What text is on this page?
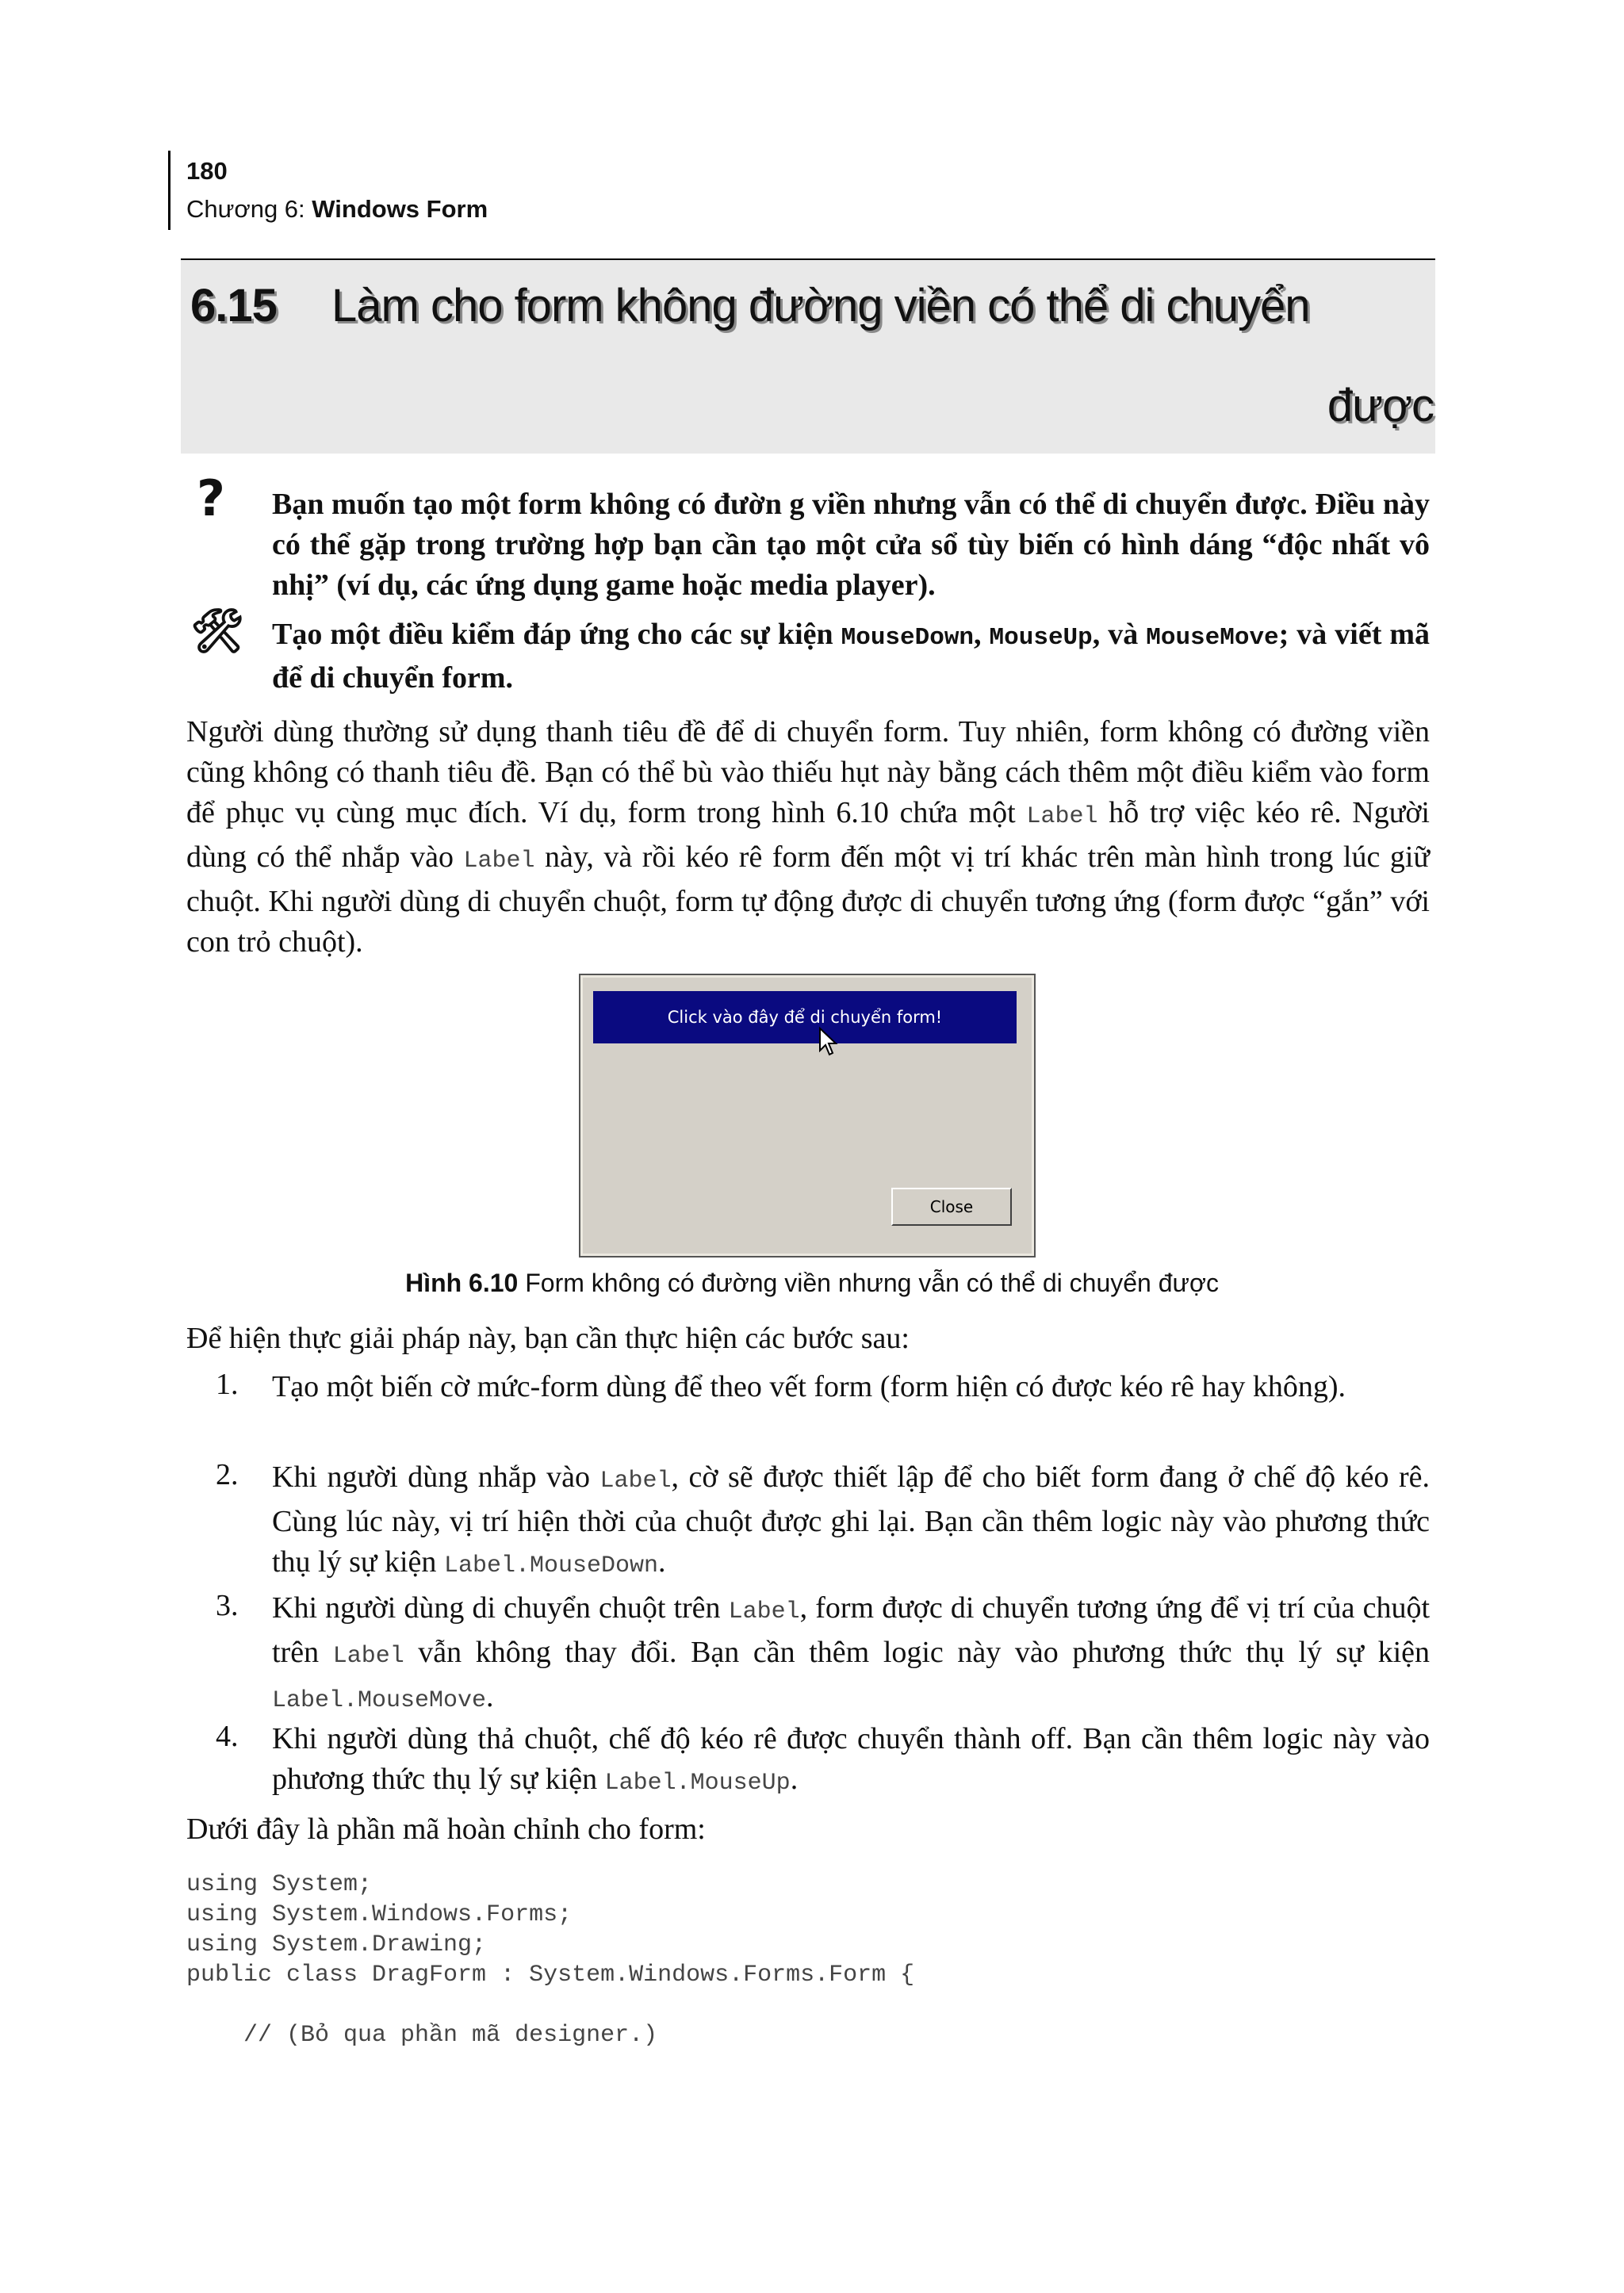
180
Chương 6: Windows Form
6.15 Làm cho form không đường viền có thể di chuyển
được
? Bạn muốn tạo một form không có đườn g viền nhưng vẫn có thể di chuyển được. Điều này có thể gặp trong trường hợp bạn cần tạo một cửa sổ tùy biến có hình dáng “độc nhất vô nhị” (ví dụ, các ứng dụng game hoặc media player).
🛠 Tạo một điều kiểm đáp ứng cho các sự kiện MouseDown, MouseUp, và MouseMove; và viết mã để di chuyển form.
Người dùng thường sử dụng thanh tiêu đề để di chuyển form. Tuy nhiên, form không có đường viền cũng không có thanh tiêu đề. Bạn có thể bù vào thiếu hụt này bằng cách thêm một điều kiểm vào form để phục vụ cùng mục đích. Ví dụ, form trong hình 6.10 chứa một Label hỗ trợ việc kéo rê. Người dùng có thể nhắp vào Label này, và rồi kéo rê form đến một vị trí khác trên màn hình trong lúc giữ chuột. Khi người dùng di chuyển chuột, form tự động được di chuyển tương ứng (form được “gắn” với con trỏ chuột).
Click vào đây để di chuyển form!
Close
Hình 6.10 Form không có đường viền nhưng vẫn có thể di chuyển được
Để hiện thực giải pháp này, bạn cần thực hiện các bước sau:
1. Tạo một biến cờ mức-form dùng để theo vết form (form hiện có được kéo rê hay không).
2. Khi người dùng nhắp vào Label, cờ sẽ được thiết lập để cho biết form đang ở chế độ kéo rê. Cùng lúc này, vị trí hiện thời của chuột được ghi lại. Bạn cần thêm logic này vào phương thức thụ lý sự kiện Label.MouseDown.
3. Khi người dùng di chuyển chuột trên Label, form được di chuyển tương ứng để vị trí của chuột trên Label vẫn không thay đổi. Bạn cần thêm logic này vào phương thức thụ lý sự kiện Label.MouseMove.
4. Khi người dùng thả chuột, chế độ kéo rê được chuyển thành off. Bạn cần thêm logic này vào phương thức thụ lý sự kiện Label.MouseUp.
Dưới đây là phần mã hoàn chỉnh cho form:
using System;
using System.Windows.Forms;
using System.Drawing;
public class DragForm : System.Windows.Forms.Form {

// (Bỏ qua phần mã designer.)
